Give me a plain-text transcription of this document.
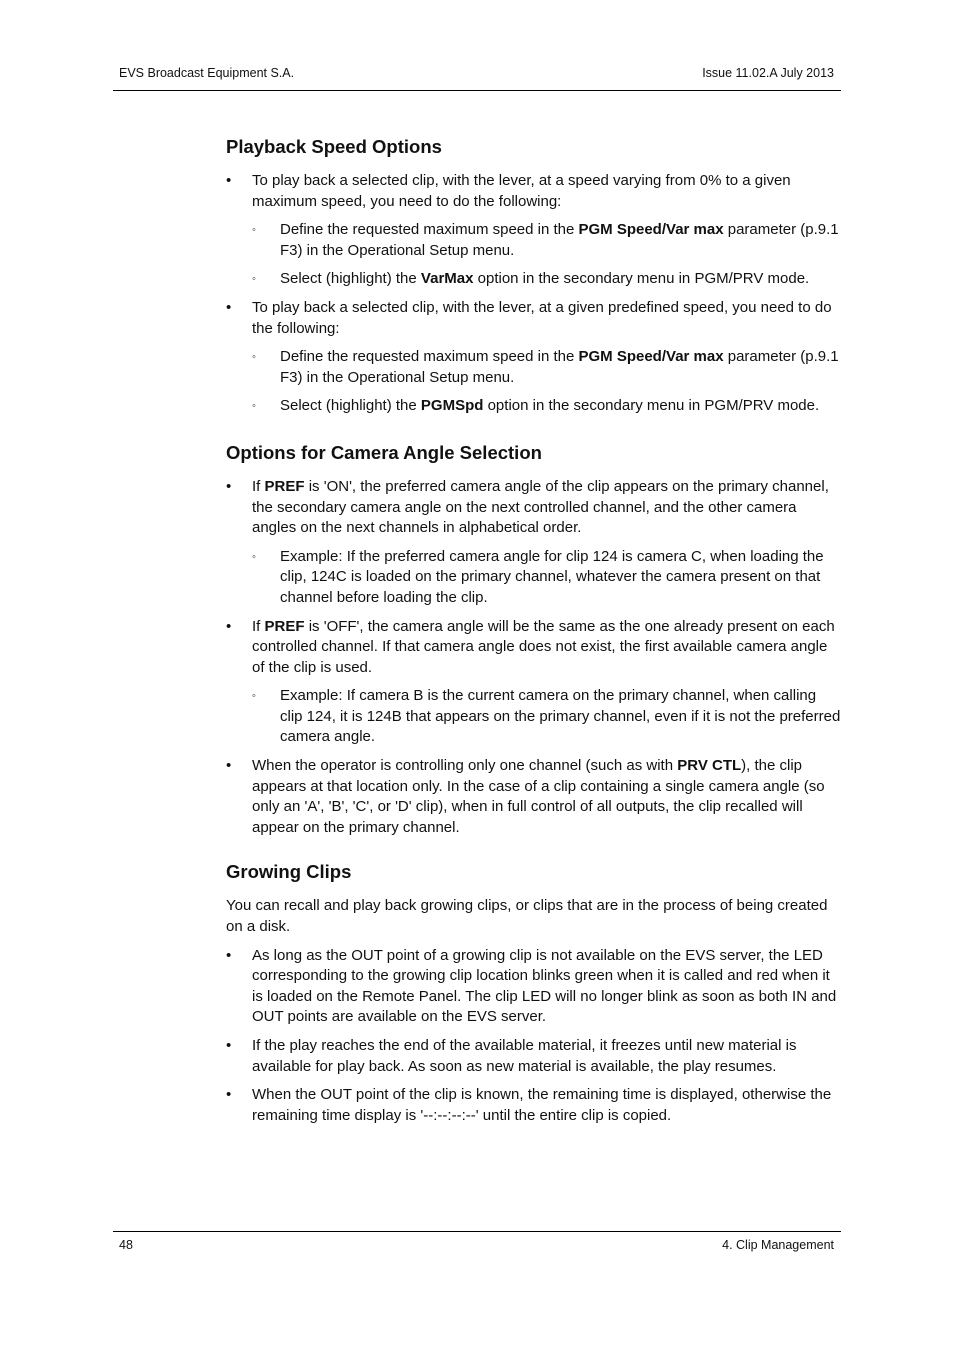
EVS Broadcast Equipment S.A.	Issue 11.02.A July 2013
Playback Speed Options
• To play back a selected clip, with the lever, at a speed varying from 0% to a given maximum speed, you need to do the following:
◦ Define the requested maximum speed in the PGM Speed/Var max parameter (p.9.1 F3) in the Operational Setup menu.
◦ Select (highlight) the VarMax option in the secondary menu in PGM/PRV mode.
• To play back a selected clip, with the lever, at a given predefined speed, you need to do the following:
◦ Define the requested maximum speed in the PGM Speed/Var max parameter (p.9.1 F3) in the Operational Setup menu.
◦ Select (highlight) the PGMSpd option in the secondary menu in PGM/PRV mode.
Options for Camera Angle Selection
• If PREF is 'ON', the preferred camera angle of the clip appears on the primary channel, the secondary camera angle on the next controlled channel, and the other camera angles on the next channels in alphabetical order.
◦ Example: If the preferred camera angle for clip 124 is camera C, when loading the clip, 124C is loaded on the primary channel, whatever the camera present on that channel before loading the clip.
• If PREF is 'OFF', the camera angle will be the same as the one already present on each controlled channel. If that camera angle does not exist, the first available camera angle of the clip is used.
◦ Example: If camera B is the current camera on the primary channel, when calling clip 124, it is 124B that appears on the primary channel, even if it is not the preferred camera angle.
• When the operator is controlling only one channel (such as with PRV CTL), the clip appears at that location only. In the case of a clip containing a single camera angle (so only an 'A', 'B', 'C', or 'D' clip), when in full control of all outputs, the clip recalled will appear on the primary channel.
Growing Clips

You can recall and play back growing clips, or clips that are in the process of being created on a disk.

• As long as the OUT point of a growing clip is not available on the EVS server, the LED corresponding to the growing clip location blinks green when it is called and red when it is loaded on the Remote Panel. The clip LED will no longer blink as soon as both IN and OUT points are available on the EVS server.
• If the play reaches the end of the available material, it freezes until new material is available for play back. As soon as new material is available, the play resumes.
• When the OUT point of the clip is known, the remaining time is displayed, otherwise the remaining time display is '--:--:--:--' until the entire clip is copied.
48	4. Clip Management
